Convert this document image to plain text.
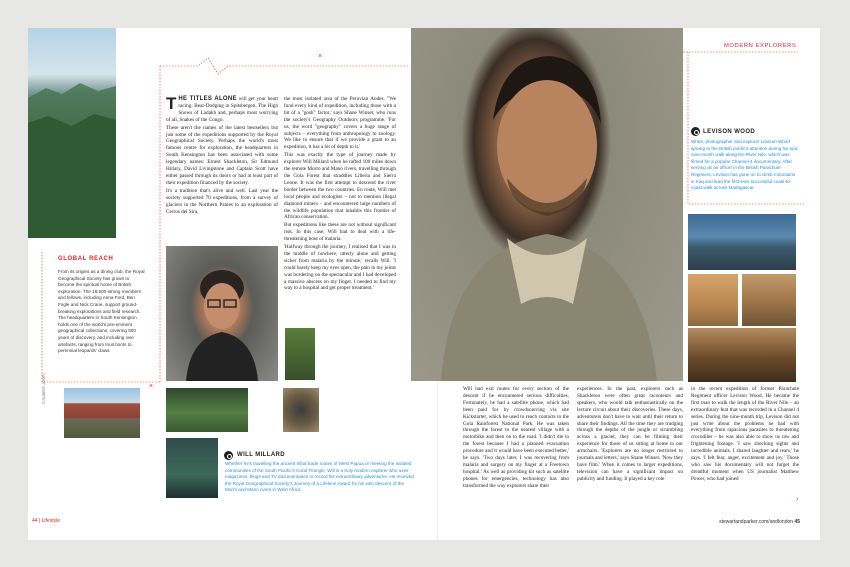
×
×
GLOBAL REACH
From its origins as a dining club, the Royal Geographical Society has grown to become the spiritual home of British exploration. The 16,500-strong members and fellows, including Anna Ford, Ben Fogle and Nick Crane, support ground-breaking explorations and field research. The headquarters in South Kensington holds one of the world's pre-eminent geographical collections, covering 500 years of discovery, and including rare artefacts, ranging from Inuit boots to perennial leopards' claws.
© ROBERT JONES

THE TITLES ALONE will get your heart racing: Bear-Dodging in Spitsbergen, The High Snows of Ladakh and, perhaps most worrying of all, Snakes of the Congo.

These aren't the names of the latest bestsellers but just some of the expeditions supported by the Royal Geographical Society. Perhaps the world's most famous centre for exploration, the headquarters in South Kensington has been associated with some legendary names: Ernest Shackleton, Sir Edmund Hillary, David Livingstone and Captain Scott have either passed through its doors or had at least part of their expedition financed by the society.

It's a tradition that's alive and well. Last year the society supported 70 expeditions, from a survey of glaciers in the Northern Panies to an exploration of Cerros del Sira,

the most isolated area of the Peruvian Andes. "We fund every kind of expedition, including those with a bit of a "gosh" factor,' says Shane Winser, who runs the society's Geography Outdoors programme. 'For us, the word "geography" covers a huge range of subjects – everything from anthropology to zoology. We like to ensure that if we provide a grant to an expedition, it has a bit of depth to it.'

This was exactly the type of journey made by explorer Will Millard when he rafted 100 miles down the remote Morro and Mano rivers, travelling through the Gola Forest that straddles Liberia and Sierra Leone. It was the first attempt to descend the river border between the two countries. En route, Will met local people and ecologists – not to mention illegal diamond miners – and encountered large numbers of the wildlife population that inhabits this frontier of African conservation.

But expeditions like these are not without significant risk. In this case, Will had to deal with a life-threatening bout of malaria.

'Halfway through the journey, I realised that I was in the middle of nowhere, utterly alone and getting sicker from malaria by the minute,' recalls Will. 'I could barely keep my eyes open, the pain in my joints was bordering on the spectacular and I had developed a massive abscess on my finger. I needed to find my way to a hospital and get proper treatment.'

WILL MILLARD
Whether he's travelling the ancient tribal trade routes of West Papua or meeting the isolated communities of the South Pacific's Coral Triangle, Will is a truly modern explorer who uses magazines, blogs and TV documentaries to record his extraordinary adventures. He received the Royal Geographical Society's Journey of a Lifetime Award for his solo descent of the Morro and Mano rivers in West Africa.
44 | Lifestyle
MODERN EXPLORERS
LEVISON WOOD
Writer, photographer and explorer Levison Wood sprang to the British public's attention during his epic nine-month walk along the River Nile, which was filmed for a popular Channel 4 documentary. After serving as an officer in the British Parachute Regiment, Levison has gone on to climb mountains in Iraq and lead the first-ever successful coast-to-coast walk across Madagascar.
Will had exit routes for every section of the descent if he encountered serious difficulties. Fortunately, he had a satellite phone, which had been paid for by crowdsourcing via site Kickstarter, which he used to reach contacts in the Gola Rainforest National Park. He was taken through the forest to the nearest village with a motorbike and then on to the road. 'I didn't die in the forest because I had a planned evacuation procedure and it would have been executed better,' he says. 'Two days later, I was recovering from malaria and surgery on my finger at a Freetown hospital.' As well as providing kit such as satellite phones for emergencies, technology has also transformed the way explorers share their
experiences. In the past, explorers such as Shackleton were often great raconteurs and speakers, who would talk enthusiastically on the lecture circuit about their discoveries. These days, adventurers don't have to wait until their return to share their findings. All the time they are trudging through the depths of the jungle or scrambling across a glacier, they can be filming their experience for those of us sitting at home in our armchairs. 'Explorers are no longer restricted to journals and letters,' says Shane Winser. 'Now they have film.' When it comes to larger expeditions, television can have a significant impact on publicity and funding. It played a key role
in the recent expedition of former Parachute Regiment officer Levison Wood. He became the first man to walk the length of the River Nile – an extraordinary feat that was recorded in a Channel 4 series. During the nine-month trip, Levison did not just write about the problems he had with everything from rapacious parasites to threatening crocodiles – he was also able to show us raw and frightening footage. 'I saw shocking sights and incredible animals. I shared laughter and tears,' he says. 'I felt fear, anger, excitement and joy.' Those who saw his documentary will not forget the dreadful moment when US journalist Matthew Power, who had joined
›
stewartandparker.com/andlondon 45
